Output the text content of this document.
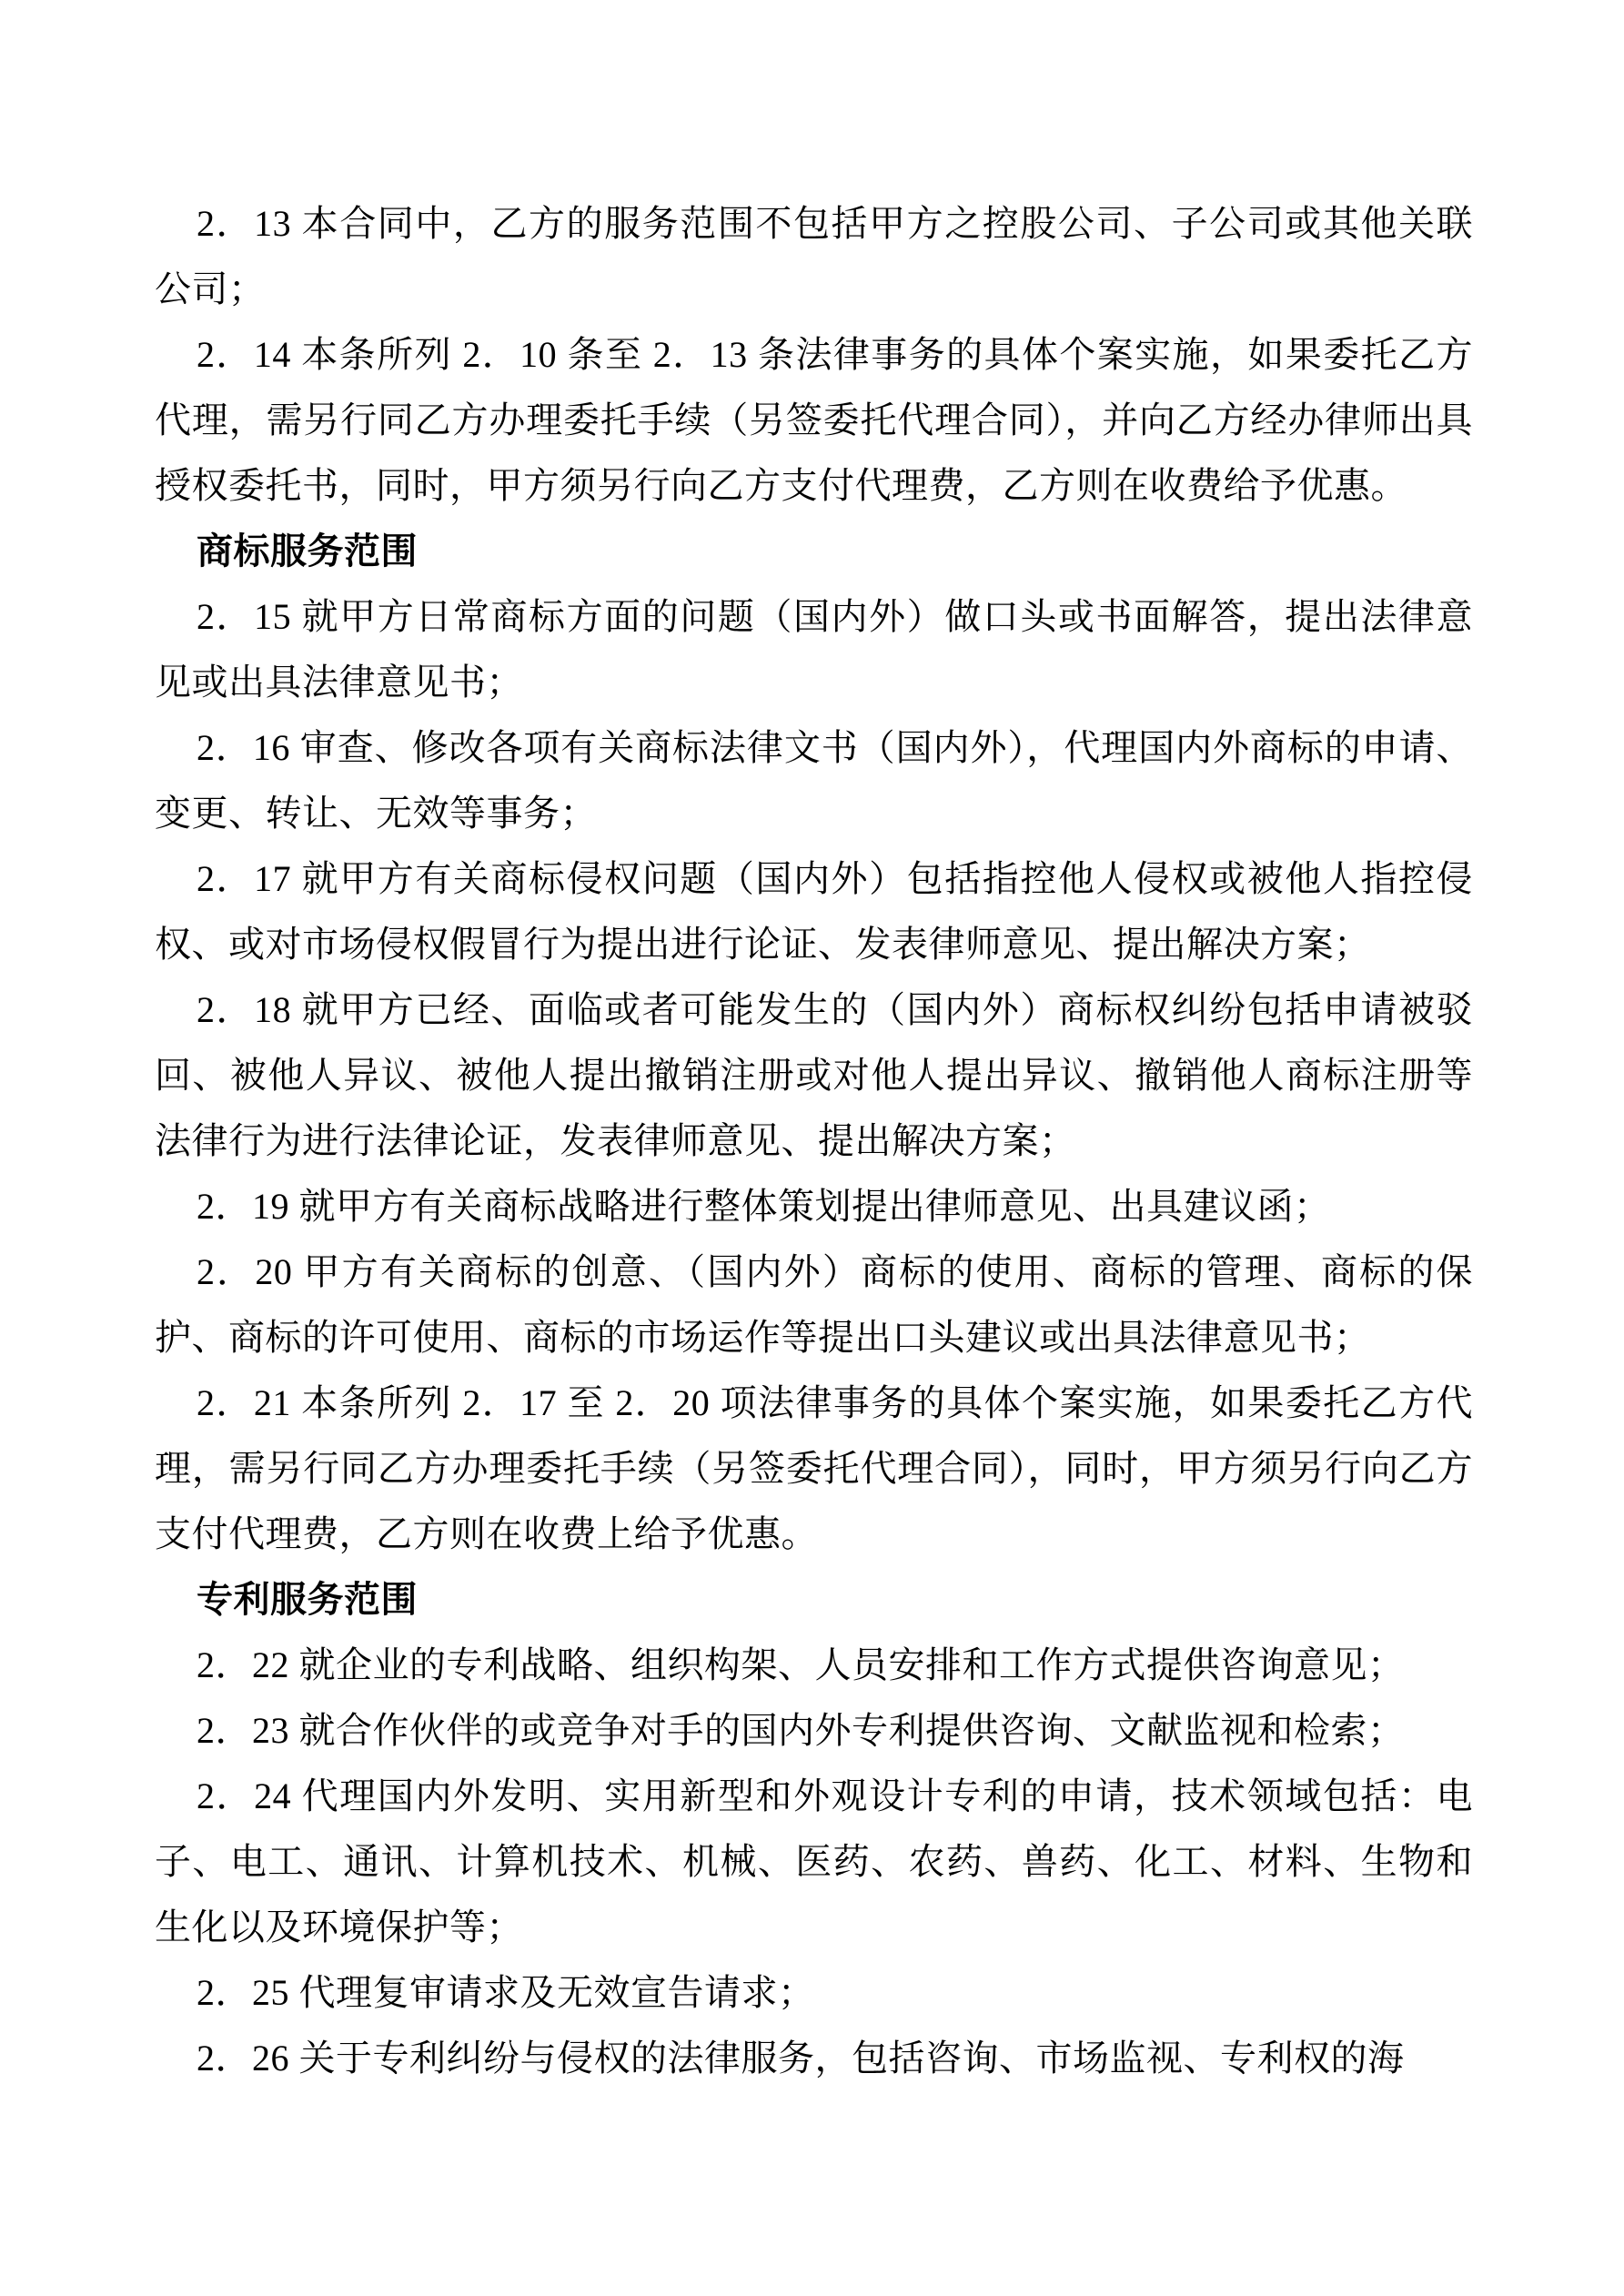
2．13 本合同中，乙方的服务范围不包括甲方之控股公司、子公司或其他关联公司；

2．14 本条所列 2．10 条至 2．13 条法律事务的具体个案实施，如果委托乙方代理，需另行同乙方办理委托手续（另签委托代理合同），并向乙方经办律师出具授权委托书，同时，甲方须另行向乙方支付代理费，乙方则在收费给予优惠。

商标服务范围

2．15 就甲方日常商标方面的问题（国内外）做口头或书面解答，提出法律意见或出具法律意见书；

2．16 审查、修改各项有关商标法律文书（国内外），代理国内外商标的申请、变更、转让、无效等事务；

2．17 就甲方有关商标侵权问题（国内外）包括指控他人侵权或被他人指控侵权、或对市场侵权假冒行为提出进行论证、发表律师意见、提出解决方案；

2．18 就甲方已经、面临或者可能发生的（国内外）商标权纠纷包括申请被驳回、被他人异议、被他人提出撤销注册或对他人提出异议、撤销他人商标注册等法律行为进行法律论证，发表律师意见、提出解决方案；

2．19 就甲方有关商标战略进行整体策划提出律师意见、出具建议函；

2．20 甲方有关商标的创意、（国内外）商标的使用、商标的管理、商标的保护、商标的许可使用、商标的市场运作等提出口头建议或出具法律意见书；

2．21 本条所列 2．17 至 2．20 项法律事务的具体个案实施，如果委托乙方代理，需另行同乙方办理委托手续（另签委托代理合同），同时，甲方须另行向乙方支付代理费，乙方则在收费上给予优惠。

专利服务范围

2．22 就企业的专利战略、组织构架、人员安排和工作方式提供咨询意见；

2．23 就合作伙伴的或竞争对手的国内外专利提供咨询、文献监视和检索；

2．24 代理国内外发明、实用新型和外观设计专利的申请，技术领域包括：电子、电工、通讯、计算机技术、机械、医药、农药、兽药、化工、材料、生物和生化以及环境保护等；

2．25 代理复审请求及无效宣告请求；

2．26 关于专利纠纷与侵权的法律服务，包括咨询、市场监视、专利权的海
